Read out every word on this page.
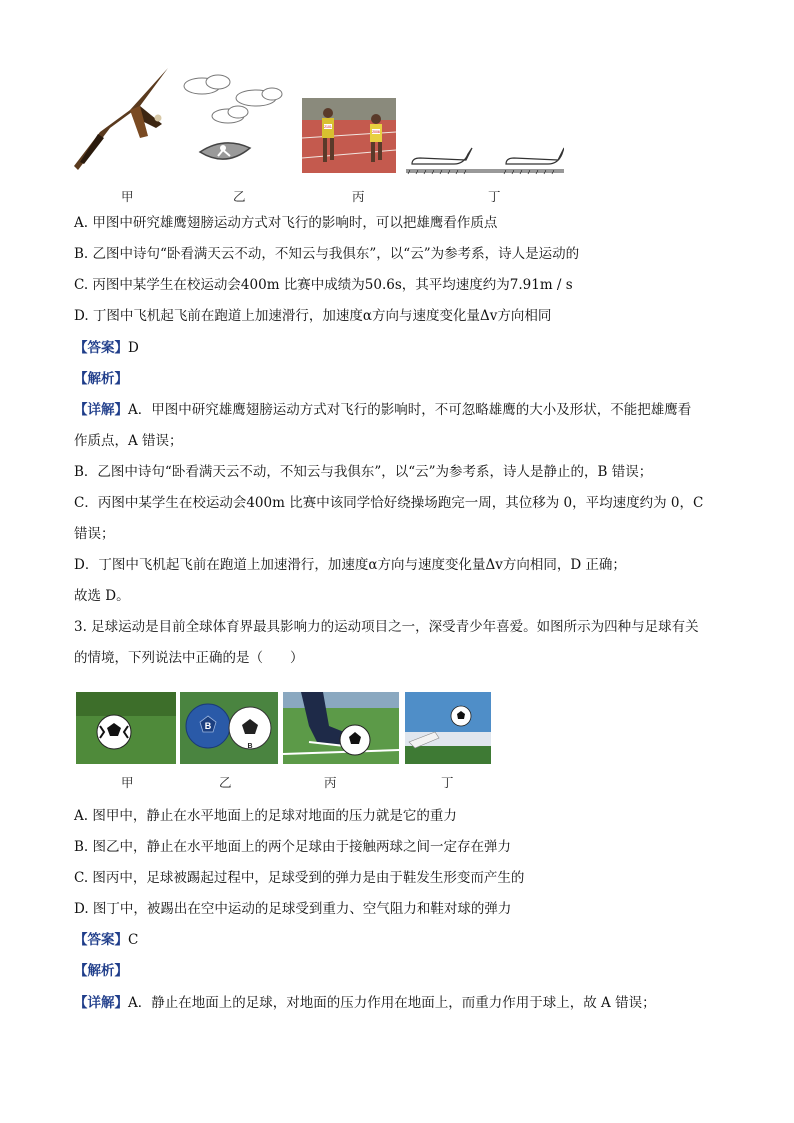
2101
2006
甲	乙	丙	丁
A. 甲图中研究雄鹰翅膀运动方式对飞行的影响时，可以把雄鹰看作质点
B. 乙图中诗句“卧看满天云不动，不知云与我俱东”，以“云”为参考系，诗人是运动的
C. 丙图中某学生在校运动会400m 比赛中成绩为50.6s，其平均速度约为7.91m / s
D. 丁图中飞机起飞前在跑道上加速滑行，加速度α方向与速度变化量Δv方向相同
【答案】D
【解析】
【详解】A．甲图中研究雄鹰翅膀运动方式对飞行的影响时，不可忽略雄鹰的大小及形状，不能把雄鹰看
作质点，A 错误；
B．乙图中诗句“卧看满天云不动，不知云与我俱东”，以“云”为参考系，诗人是静止的，B 错误；
C．丙图中某学生在校运动会400m 比赛中该同学恰好绕操场跑完一周，其位移为 0，平均速度约为 0，C
错误；
D．丁图中飞机起飞前在跑道上加速滑行，加速度α方向与速度变化量Δv方向相同，D 正确；
故选 D。
3. 足球运动是目前全球体育界最具影响力的运动项目之一，深受青少年喜爱。如图所示为四种与足球有关
的情境，下列说法中正确的是（　　）
B
B
甲	乙	丙	丁
A. 图甲中，静止在水平地面上的足球对地面的压力就是它的重力
B. 图乙中，静止在水平地面上的两个足球由于接触两球之间一定存在弹力
C. 图丙中，足球被踢起过程中，足球受到的弹力是由于鞋发生形变而产生的
D. 图丁中，被踢出在空中运动的足球受到重力、空气阻力和鞋对球的弹力
【答案】C
【解析】
【详解】A．静止在地面上的足球，对地面的压力作用在地面上，而重力作用于球上，故 A 错误；
